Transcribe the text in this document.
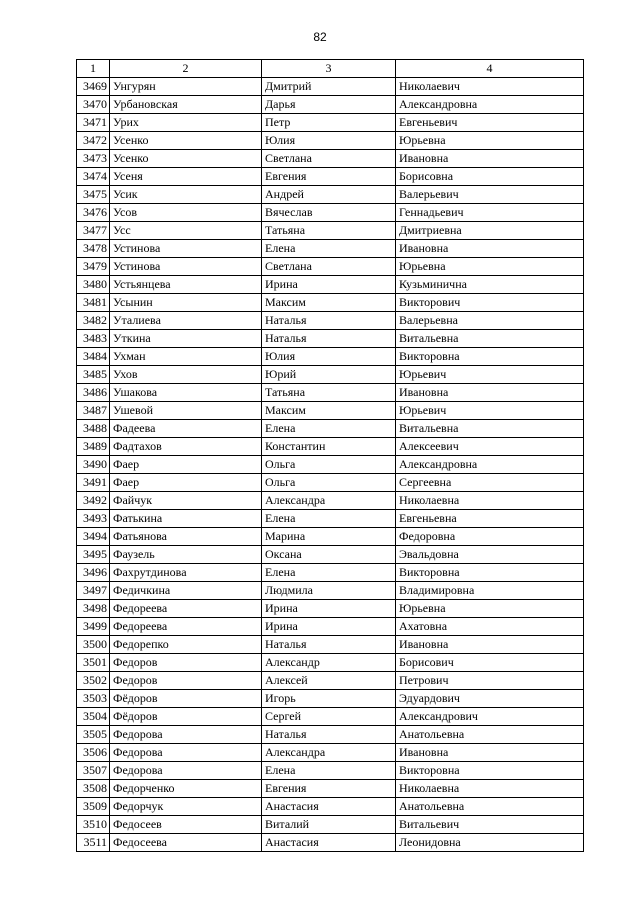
82
1	2	3	4
3469	Унгурян	Дмитрий	Николаевич
3470	Урбановская	Дарья	Александровна
3471	Урих	Петр	Евгеньевич
3472	Усенко	Юлия	Юрьевна
3473	Усенко	Светлана	Ивановна
3474	Усеня	Евгения	Борисовна
3475	Усик	Андрей	Валерьевич
3476	Усов	Вячеслав	Геннадьевич
3477	Усс	Татьяна	Дмитриевна
3478	Устинова	Елена	Ивановна
3479	Устинова	Светлана	Юрьевна
3480	Устьянцева	Ирина	Кузьминична
3481	Усынин	Максим	Викторович
3482	Уталиева	Наталья	Валерьевна
3483	Уткина	Наталья	Витальевна
3484	Ухман	Юлия	Викторовна
3485	Ухов	Юрий	Юрьевич
3486	Ушакова	Татьяна	Ивановна
3487	Ушевой	Максим	Юрьевич
3488	Фадеева	Елена	Витальевна
3489	Фадтахов	Константин	Алексеевич
3490	Фаер	Ольга	Александровна
3491	Фаер	Ольга	Сергеевна
3492	Файчук	Александра	Николаевна
3493	Фатькина	Елена	Евгеньевна
3494	Фатьянова	Марина	Федоровна
3495	Фаузель	Оксана	Эвальдовна
3496	Фахрутдинова	Елена	Викторовна
3497	Федичкина	Людмила	Владимировна
3498	Федореева	Ирина	Юрьевна
3499	Федореева	Ирина	Ахатовна
3500	Федорепко	Наталья	Ивановна
3501	Федоров	Александр	Борисович
3502	Федоров	Алексей	Петрович
3503	Фёдоров	Игорь	Эдуардович
3504	Фёдоров	Сергей	Александрович
3505	Федорова	Наталья	Анатольевна
3506	Федорова	Александра	Ивановна
3507	Федорова	Елена	Викторовна
3508	Федорченко	Евгения	Николаевна
3509	Федорчук	Анастасия	Анатольевна
3510	Федосеев	Виталий	Витальевич
3511	Федосеева	Анастасия	Леонидовна
